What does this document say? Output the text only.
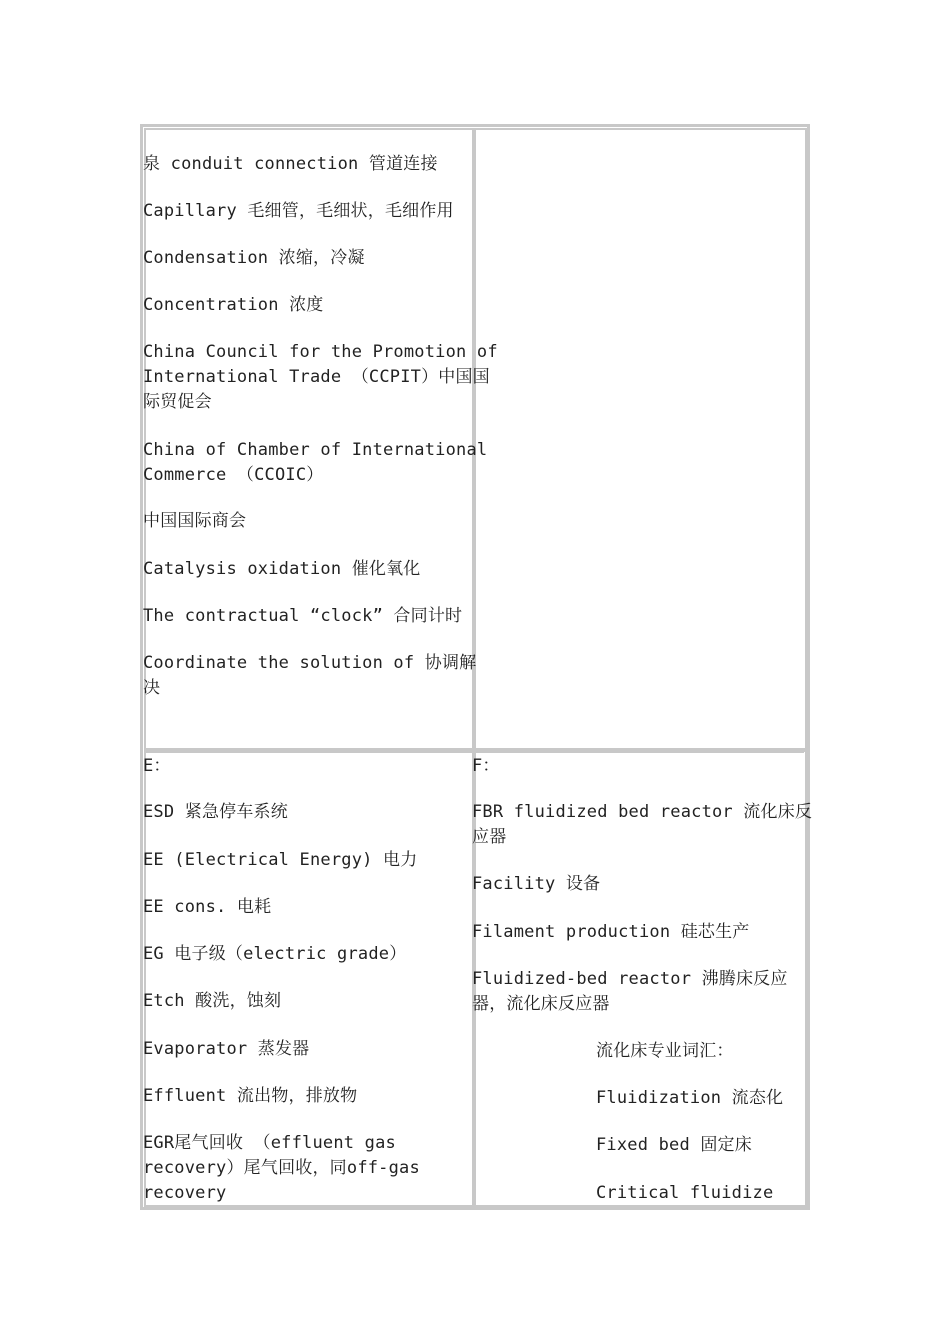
泉 conduit connection 管道连接

Capillary 毛细管，毛细状，毛细作用

Condensation 浓缩，冷凝

Concentration 浓度

China Council for the Promotion of
International Trade （CCPIT）中国国
际贸促会

China of Chamber of International
Commerce （CCOIC）

中国国际商会

Catalysis oxidation 催化氧化

The contractual “clock” 合同计时

Coordinate the solution of 协调解
决

E：

ESD 紧急停车系统

EE (Electrical Energy) 电力

EE cons. 电耗

EG 电子级（electric grade）

Etch 酸洗，蚀刻

Evaporator 蒸发器

Effluent 流出物，排放物

EGR尾气回收 （effluent gas
recovery）尾气回收，同off-gas
recovery

F：

FBR fluidized bed reactor 流化床反
应器

Facility 设备

Filament production 硅芯生产

Fluidized-bed reactor 沸腾床反应
器，流化床反应器

流化床专业词汇：

Fluidization 流态化

Fixed bed 固定床

Critical fluidize
